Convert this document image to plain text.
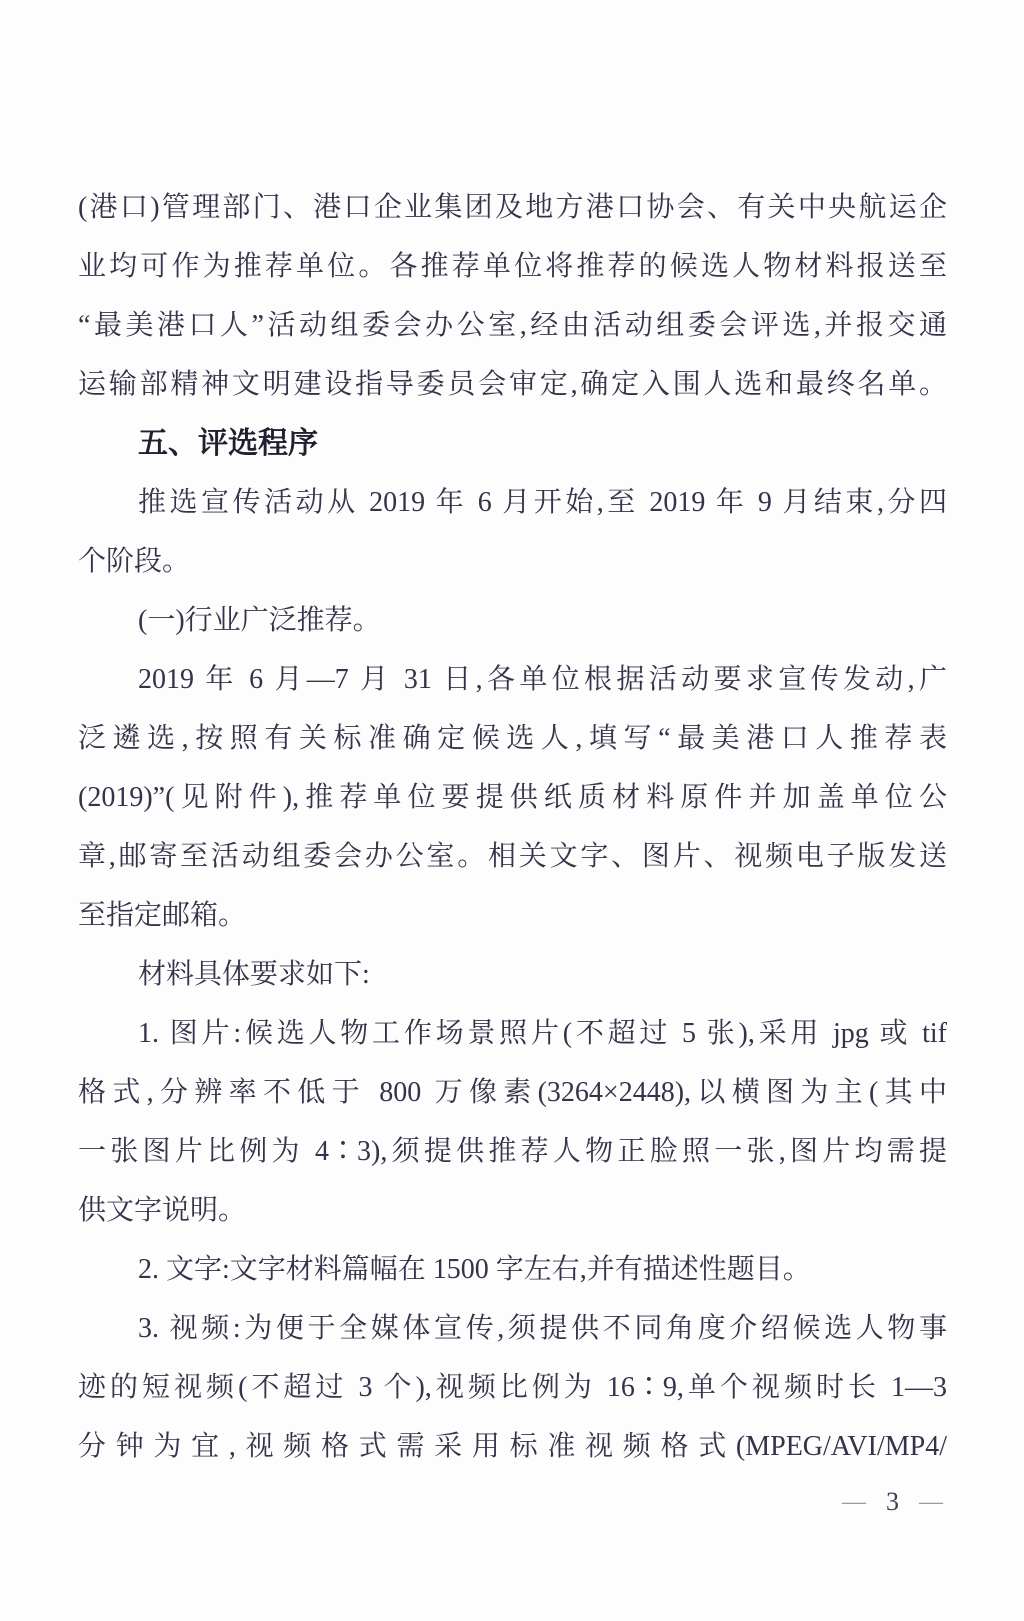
(港口)管理部门、港口企业集团及地方港口协会、有关中央航运企
业均可作为推荐单位。各推荐单位将推荐的候选人物材料报送至
“最美港口人”活动组委会办公室,经由活动组委会评选,并报交通
运输部精神文明建设指导委员会审定,确定入围人选和最终名单。
五、评选程序
推选宣传活动从 2019 年 6 月开始,至 2019 年 9 月结束,分四
个阶段。
(一)行业广泛推荐。
2019 年 6 月—7 月 31 日,各单位根据活动要求宣传发动,广
泛遴选,按照有关标准确定候选人,填写“最美港口人推荐表
(2019)”(见附件),推荐单位要提供纸质材料原件并加盖单位公
章,邮寄至活动组委会办公室。相关文字、图片、视频电子版发送
至指定邮箱。
材料具体要求如下:
1. 图片:候选人物工作场景照片(不超过 5 张),采用 jpg 或 tif
格式,分辨率不低于 800 万像素(3264×2448),以横图为主(其中
一张图片比例为 4∶3),须提供推荐人物正脸照一张,图片均需提
供文字说明。
2. 文字:文字材料篇幅在 1500 字左右,并有描述性题目。
3. 视频:为便于全媒体宣传,须提供不同角度介绍候选人物事
迹的短视频(不超过 3 个),视频比例为 16∶9,单个视频时长 1—3
分钟为宜,视频格式需采用标准视频格式(MPEG/AVI/MP4/
— 3 —
